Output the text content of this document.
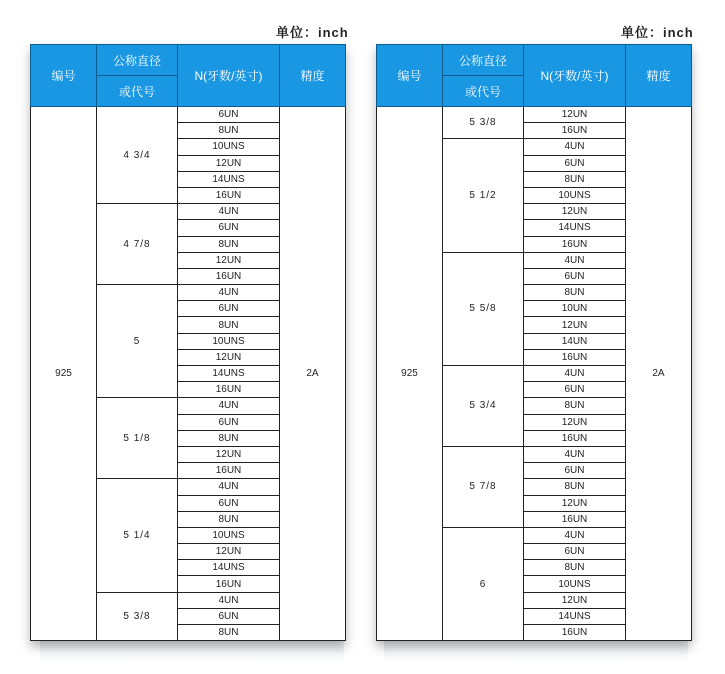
单位：inch
编号	公称直径	N(牙数/英寸)	精度
	或代号		
925	4 3/4	6UN	2A
		8UN	
		10UNS	
		12UN	
		14UNS	
		16UN	
	4 7/8	4UN	
		6UN	
		8UN	
		12UN	
		16UN	
	5	4UN	
		6UN	
		8UN	
		10UNS	
		12UN	
		14UNS	
		16UN	
	5 1/8	4UN	
		6UN	
		8UN	
		12UN	
		16UN	
	5 1/4	4UN	
		6UN	
		8UN	
		10UNS	
		12UN	
		14UNS	
		16UN	
	5 3/8	4UN	
		6UN	
		8UN	
单位：inch
编号	公称直径	N(牙数/英寸)	精度
	或代号		
925	5 3/8	12UN	2A
		16UN	
	5 1/2	4UN	
		6UN	
		8UN	
		10UNS	
		12UN	
		14UNS	
		16UN	
	5 5/8	4UN	
		6UN	
		8UN	
		10UN	
		12UN	
		14UN	
		16UN	
	5 3/4	4UN	
		6UN	
		8UN	
		12UN	
		16UN	
	5 7/8	4UN	
		6UN	
		8UN	
		12UN	
		16UN	
	6	4UN	
		6UN	
		8UN	
		10UNS	
		12UN	
		14UNS	
		16UN	
